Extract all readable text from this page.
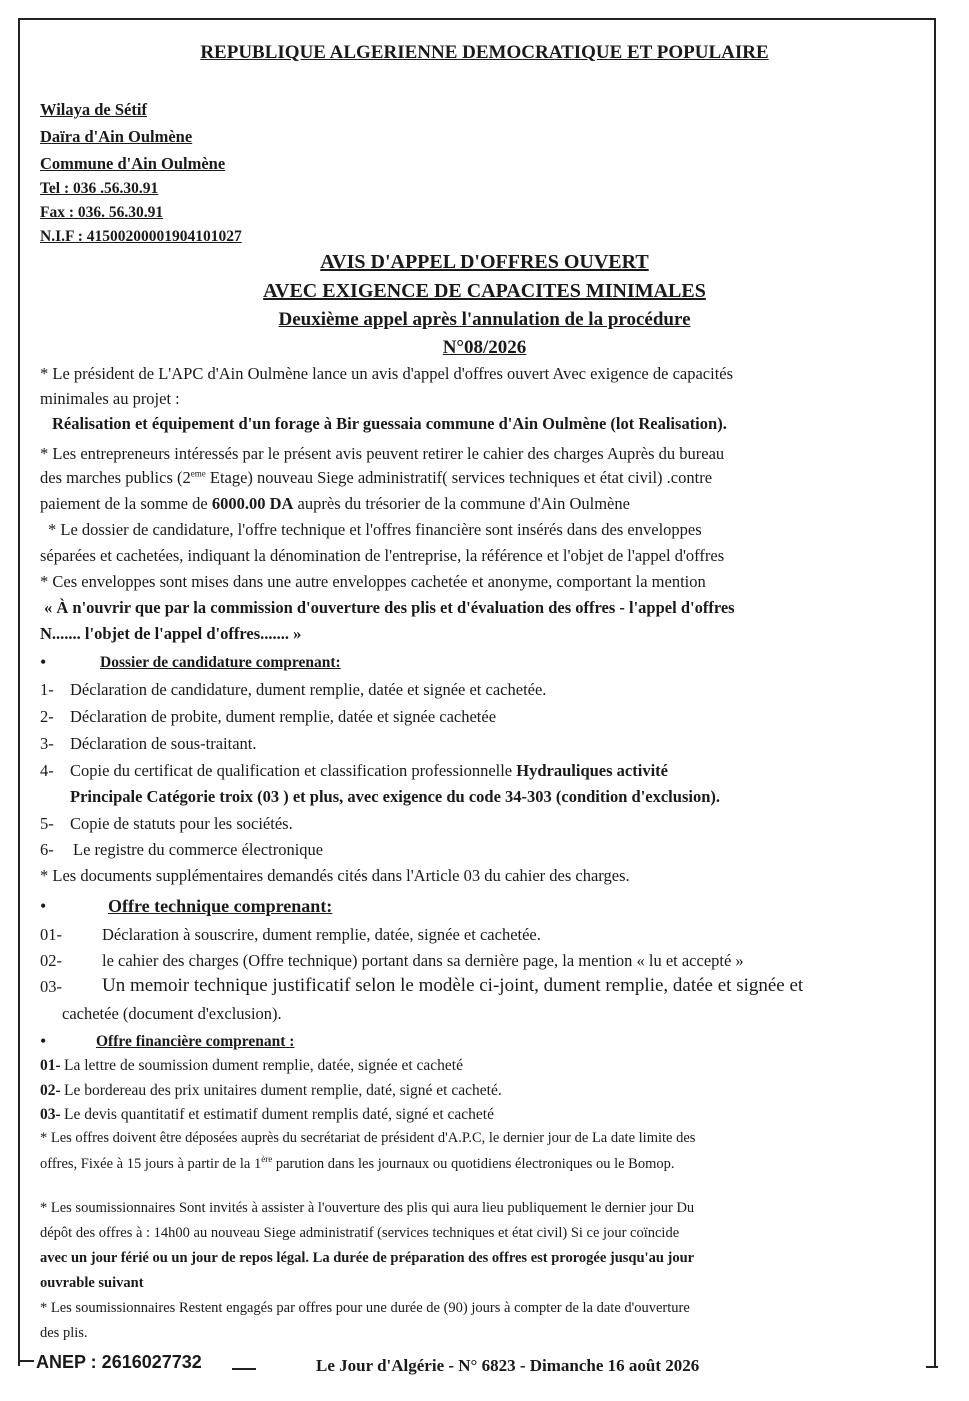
REPUBLIQUE ALGERIENNE DEMOCRATIQUE ET POPULAIRE
Wilaya de Sétif
Daïra d'Ain Oulmène
Commune d'Ain Oulmène
Tel : 036 .56.30.91
Fax : 036. 56.30.91
N.I.F : 41500200001904101027
AVIS D'APPEL D'OFFRES OUVERT
AVEC EXIGENCE DE CAPACITES MINIMALES
Deuxième appel après l'annulation de la procédure
N°08/2026
* Le président de L'APC d'Ain Oulmène lance un avis d'appel d'offres ouvert Avec exigence de capacités
minimales au projet :
Réalisation et équipement d'un forage à Bir guessaia commune d'Ain Oulmène (lot Realisation).
* Les entrepreneurs intéressés par le présent avis peuvent retirer le cahier des charges Auprès du bureau
des marches publics (2eme Etage) nouveau Siege administratif( services techniques et état civil) .contre
paiement de la somme de 6000.00 DA auprès du trésorier de la commune d'Ain Oulmène
* Le dossier de candidature, l'offre technique et l'offres financière sont insérés dans des enveloppes
séparées et cachetées, indiquant la dénomination de l'entreprise, la référence et l'objet de l'appel d'offres
* Ces enveloppes sont mises dans une autre enveloppes cachetée et anonyme, comportant la mention
« À n'ouvrir que par la commission d'ouverture des plis et d'évaluation des offres - l'appel d'offres
N....... l'objet de l'appel d'offres....... »
•	Dossier de candidature comprenant:
1- Déclaration de candidature, dument remplie, datée et signée et cachetée.
2- Déclaration de probite, dument remplie, datée et signée cachetée
3- Déclaration de sous-traitant.
4- Copie du certificat de qualification et classification professionnelle Hydrauliques activité
Principale Catégorie troix (03 ) et plus, avec exigence du code 34-303 (condition d'exclusion).
5- Copie de statuts pour les sociétés.
6- Le registre du commerce électronique
* Les documents supplémentaires demandés cités dans l'Article 03 du cahier des charges.
•	Offre technique comprenant:
01- Déclaration à souscrire, dument remplie, datée, signée et cachetée.
02- le cahier des charges (Offre technique) portant dans sa dernière page, la mention « lu et accepté »
03- Un memoir technique justificatif selon le modèle ci-joint, dument remplie, datée et signée et
cachetée (document d'exclusion).
•	Offre financière comprenant :
01- La lettre de soumission dument remplie, datée, signée et cacheté
02- Le bordereau des prix unitaires dument remplie, daté, signé et cacheté.
03- Le devis quantitatif et estimatif dument remplis daté, signé et cacheté
* Les offres doivent être déposées auprès du secrétariat de président d'A.P.C, le dernier jour de La date limite des
offres, Fixée à 15 jours à partir de la 1ère parution dans les journaux ou quotidiens électroniques ou le Bomop.
* Les soumissionnaires Sont invités à assister à l'ouverture des plis qui aura lieu publiquement le dernier jour Du
dépôt des offres à : 14h00 au nouveau Siege administratif (services techniques et état civil) Si ce jour coïncide
avec un jour férié ou un jour de repos légal. La durée de préparation des offres est prorogée jusqu'au jour
ouvrable suivant
* Les soumissionnaires Restent engagés par offres pour une durée de (90) jours à compter de la date d'ouverture
des plis.
ANEP : 2616027732	Le Jour d'Algérie - N° 6823 - Dimanche 16 août 2026
